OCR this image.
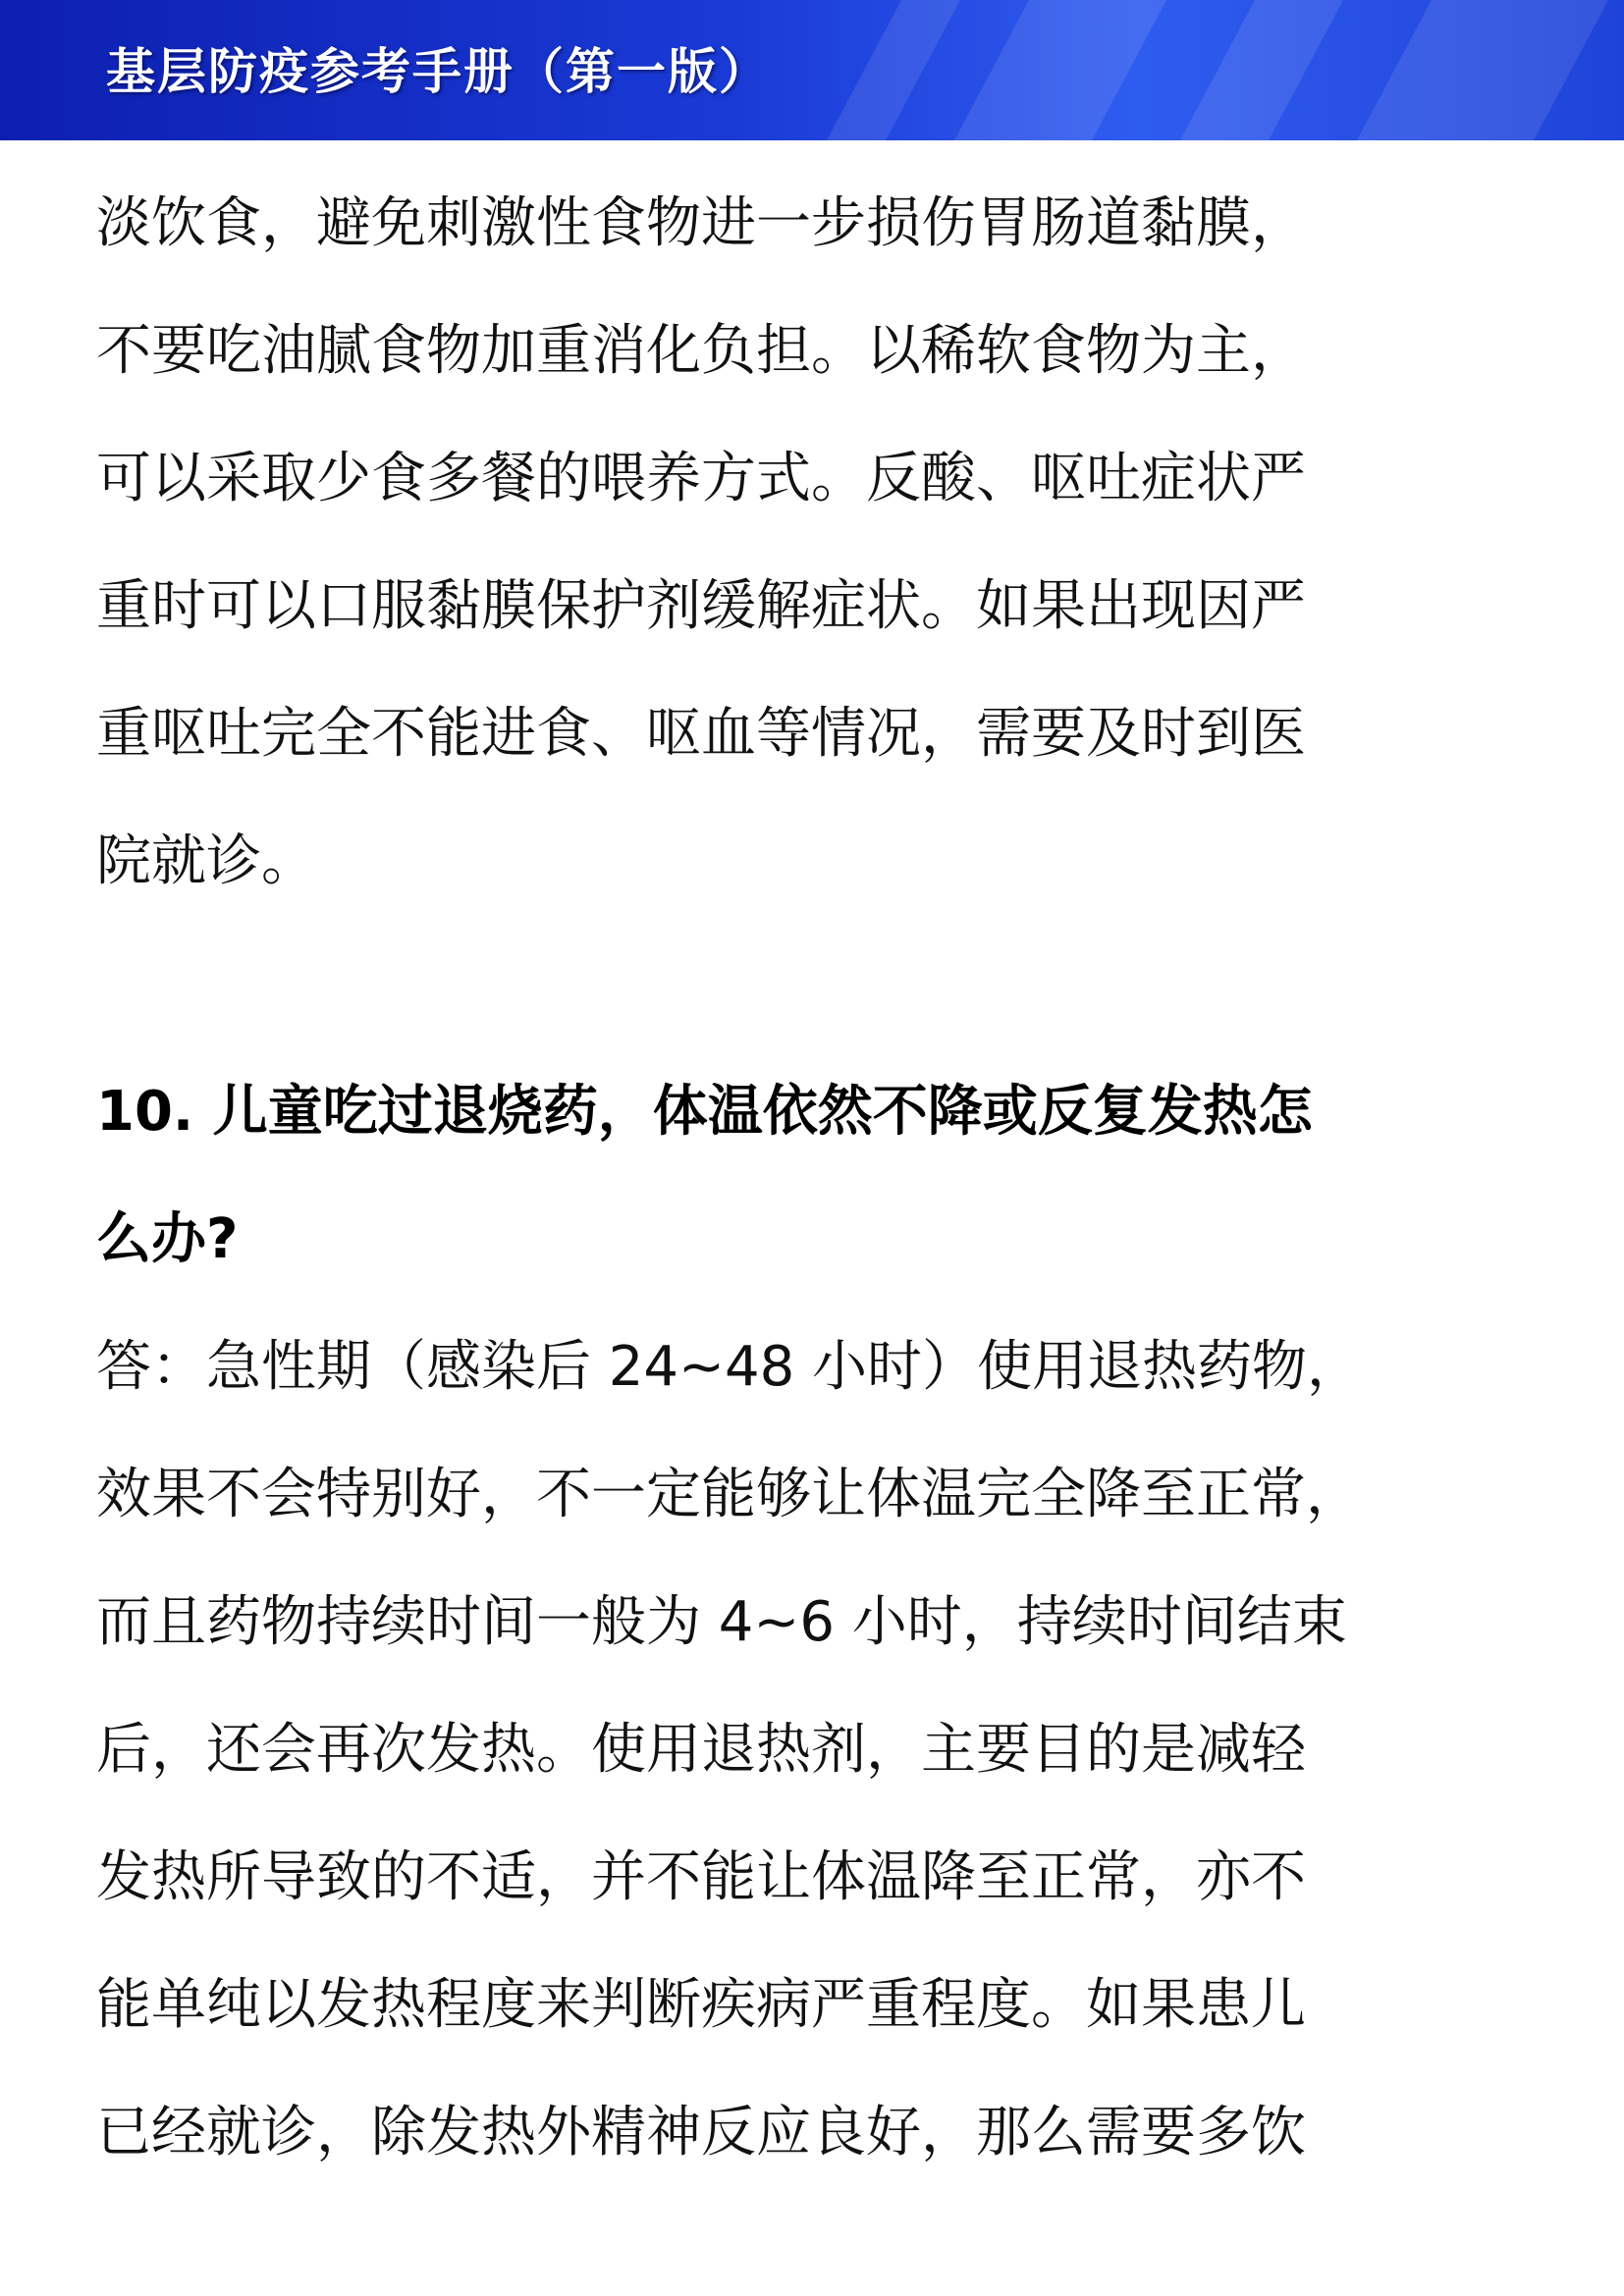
基层防疫参考手册（第一版）
淡饮食，避免刺激性食物进一步损伤胃肠道黏膜，
不要吃油腻食物加重消化负担。以稀软食物为主，
可以采取少食多餐的喂养方式。反酸、呕吐症状严
重时可以口服黏膜保护剂缓解症状。如果出现因严
重呕吐完全不能进食、呕血等情况，需要及时到医
院就诊。
10. 儿童吃过退烧药，体温依然不降或反复发热怎
么办?
答：急性期（感染后 24~48 小时）使用退热药物，
效果不会特别好，不一定能够让体温完全降至正常，
而且药物持续时间一般为 4~6 小时，持续时间结束
后，还会再次发热。使用退热剂，主要目的是减轻
发热所导致的不适，并不能让体温降至正常，亦不
能单纯以发热程度来判断疾病严重程度。如果患儿
已经就诊，除发热外精神反应良好，那么需要多饮
